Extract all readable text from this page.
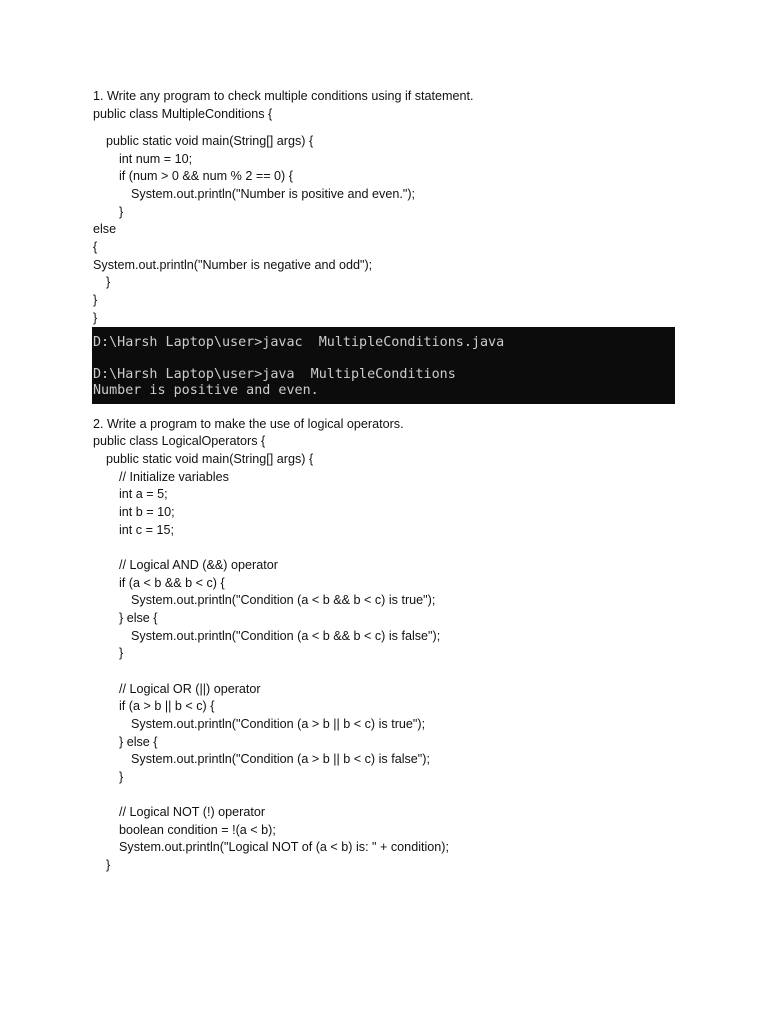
1. Write any program to check multiple conditions using if statement.
public class MultipleConditions {
public static void main(String[] args) {
int num = 10;
if (num > 0 && num % 2 == 0) {
System.out.println("Number is positive and even.");
}
else
{
System.out.println("Number is negative and odd");
}
}
}
D:\Harsh Laptop\user>javac  MultipleConditions.java
D:\Harsh Laptop\user>java  MultipleConditions
Number is positive and even.
2. Write a program to make the use of logical operators.
public class LogicalOperators {
public static void main(String[] args) {
// Initialize variables
int a = 5;
int b = 10;
int c = 15;
// Logical AND (&&) operator
if (a < b && b < c) {
System.out.println("Condition (a < b && b < c) is true");
} else {
System.out.println("Condition (a < b && b < c) is false");
}
// Logical OR (||) operator
if (a > b || b < c) {
System.out.println("Condition (a > b || b < c) is true");
} else {
System.out.println("Condition (a > b || b < c) is false");
}
// Logical NOT (!) operator
boolean condition = !(a < b);
System.out.println("Logical NOT of (a < b) is: " + condition);
}
